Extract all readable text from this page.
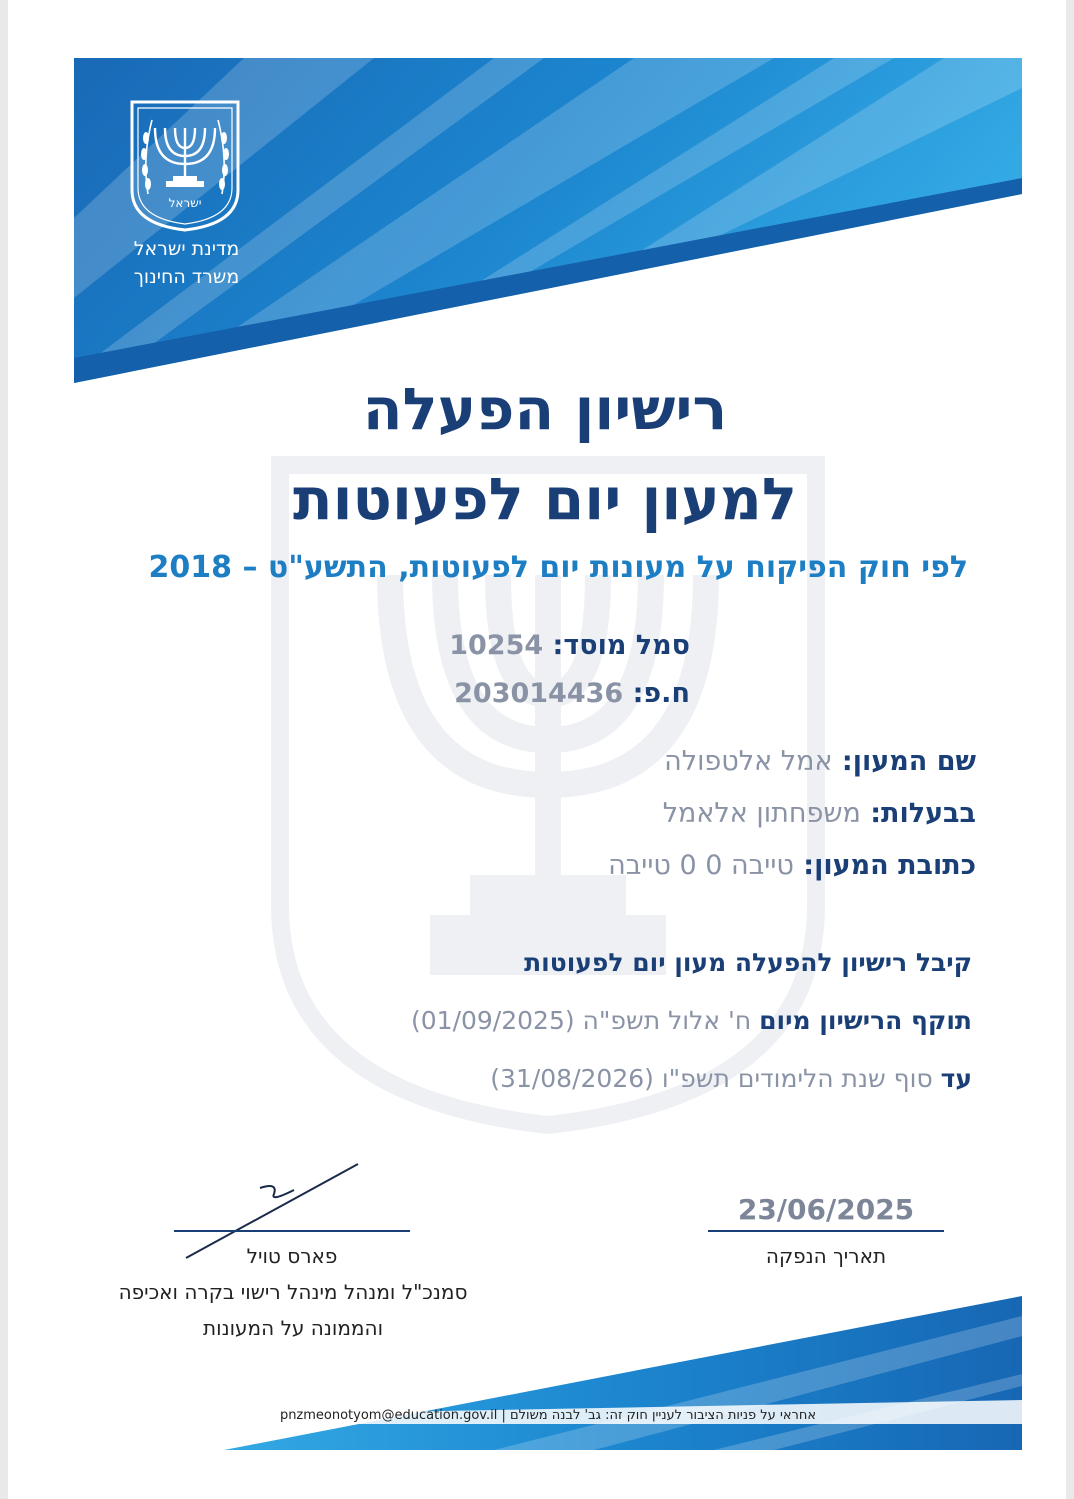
ישראל
מדינת ישראל
משרד החינוך
רישיון הפעלה
למעון יום לפעוטות
לפי חוק הפיקוח על מעונות יום לפעוטות, התשע"ט – 2018
סמל מוסד: 10254
ח.פ: 203014436
שם המעון: אמל אלטפולה
בבעלות: משפחתון אלאמל
כתובת המעון: טייבה 0 0 טייבה
קיבל רישיון להפעלה מעון יום לפעוטות
תוקף הרישיון מיום ח' אלול תשפ"ה (01/09/2025)
עד סוף שנת הלימודים תשפ"ו (31/08/2026)
פארס טויל
סמנכ"ל ומנהל מינהל רישוי בקרה ואכיפה
והממונה על המעונות
23/06/2025
תאריך הנפקה
אחראי על פניות הציבור לעניין חוק זה: גב' לבנה משולם | pnzmeonotyom@education.gov.il
